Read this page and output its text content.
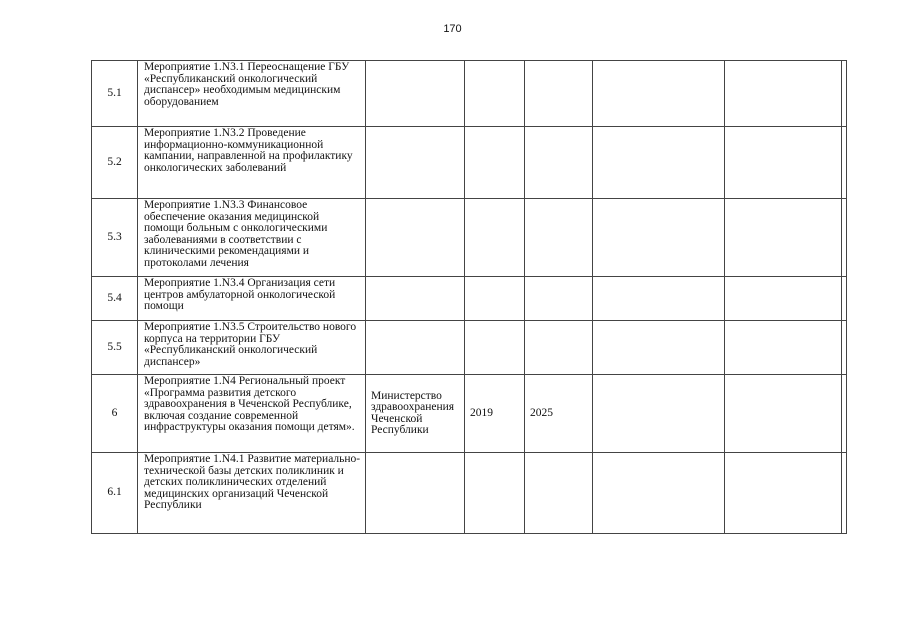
170
5.1	Мероприятие 1.N3.1 Переоснащение ГБУ «Республиканский онкологический диспансер» необходимым медицинским оборудованием						
5.2	Мероприятие 1.N3.2 Проведение информационно-коммуникационной кампании, направленной на профилактику онкологических заболеваний						
5.3	Мероприятие 1.N3.3 Финансовое обеспечение оказания медицинской помощи больным с онкологическими заболеваниями в соответствии с клиническими рекомендациями и протоколами лечения						
5.4	Мероприятие 1.N3.4 Организация сети центров амбулаторной онкологической помощи						
5.5	Мероприятие 1.N3.5 Строительство нового корпуса на территории ГБУ «Республиканский онкологический диспансер»						
6	Мероприятие 1.N4 Региональный проект «Программа развития детского здравоохранения в Чеченской Республике, включая создание современной инфраструктуры оказания помощи детям».	Министерство здравоохранения Чеченской Республики	2019	2025			
6.1	Мероприятие 1.N4.1 Развитие материально-технической базы детских поликлиник и детских поликлинических отделений медицинских организаций Чеченской Республики						
